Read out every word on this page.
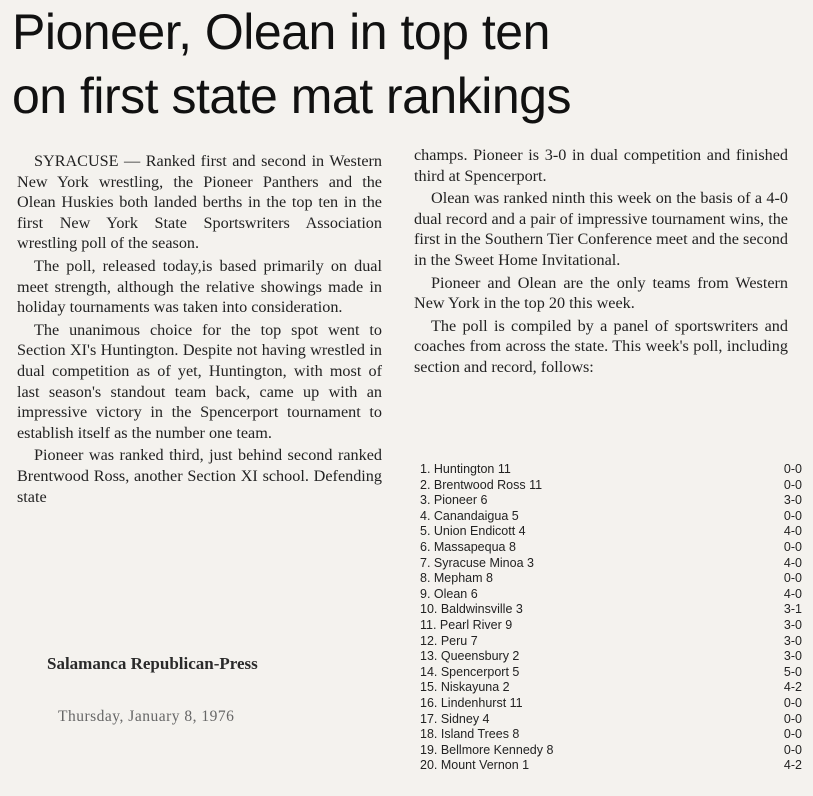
Pioneer, Olean in top ten
on first state mat rankings

SYRACUSE — Ranked first and second in Western New York wrestling, the Pioneer Panthers and the Olean Huskies both landed berths in the top ten in the first New York State Sportswriters Association wrestling poll of the season.

The poll, released today,is based primarily on dual meet strength, although the relative showings made in holiday tournaments was taken into consideration.

The unanimous choice for the top spot went to Section XI's Huntington. Despite not having wrestled in dual competition as of yet, Huntington, with most of last season's standout team back, came up with an impressive victory in the Spencerport tournament to establish itself as the number one team.

Pioneer was ranked third, just behind second ranked Brentwood Ross, another Section XI school. Defending state

champs. Pioneer is 3-0 in dual competition and finished third at Spencerport.

Olean was ranked ninth this week on the basis of a 4-0 dual record and a pair of impressive tournament wins, the first in the Southern Tier Conference meet and the second in the Sweet Home Invitational.

Pioneer and Olean are the only teams from Western New York in the top 20 this week.

The poll is compiled by a panel of sportswriters and coaches from across the state. This week's poll, including section and record, follows:

Salamanca Republican-Press
Thursday, January 8, 1976
1. Huntington 11	0-0
2. Brentwood Ross 11	0-0
3. Pioneer 6	3-0
4. Canandaigua 5	0-0
5. Union Endicott 4	4-0
6. Massapequa 8	0-0
7. Syracuse Minoa 3	4-0
8. Mepham 8	0-0
9. Olean 6	4-0
10. Baldwinsville 3	3-1
11. Pearl River 9	3-0
12. Peru 7	3-0
13. Queensbury 2	3-0
14. Spencerport 5	5-0
15. Niskayuna 2	4-2
16. Lindenhurst 11	0-0
17. Sidney 4	0-0
18. Island Trees 8	0-0
19. Bellmore Kennedy 8	0-0
20. Mount Vernon 1	4-2
